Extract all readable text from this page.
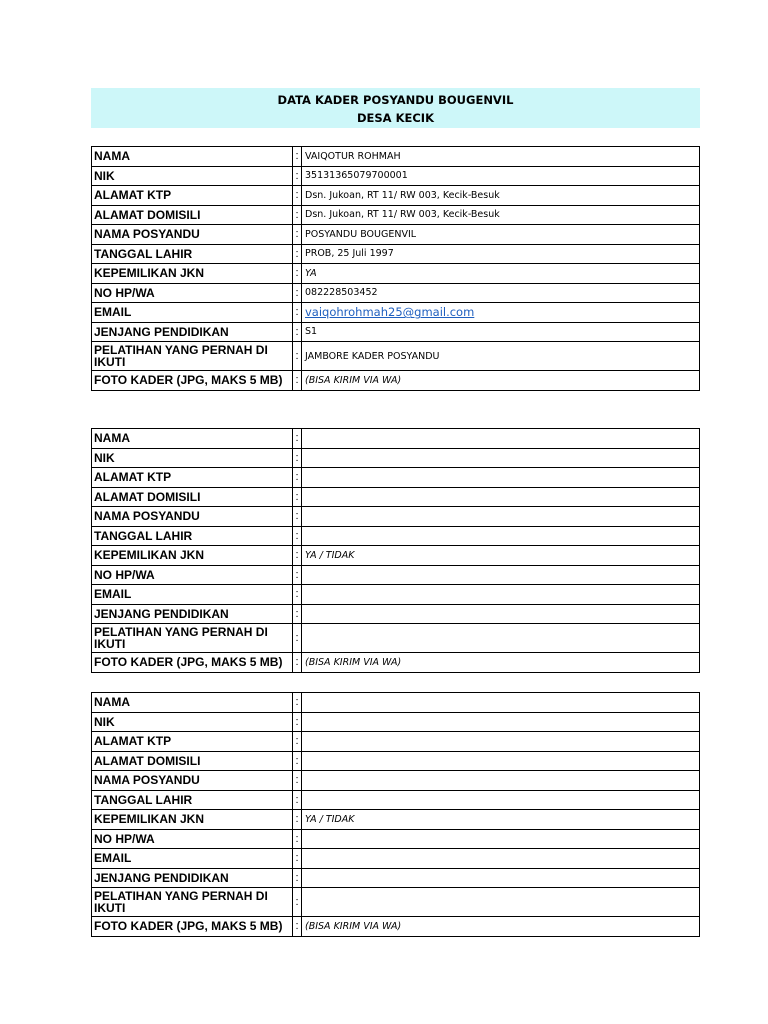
DATA KADER POSYANDU BOUGENVIL
DESA KECIK
NAMA	:	VAIQOTUR ROHMAH
NIK	:	35131365079700001
ALAMAT KTP	:	Dsn. Jukoan, RT 11/ RW 003, Kecik-Besuk
ALAMAT DOMISILI	:	Dsn. Jukoan, RT 11/ RW 003, Kecik-Besuk
NAMA POSYANDU	:	POSYANDU BOUGENVIL
TANGGAL LAHIR	:	PROB, 25 Juli 1997
KEPEMILIKAN JKN	:	YA
NO HP/WA	:	082228503452
EMAIL	:	vaiqohrohmah25@gmail.com
JENJANG PENDIDIKAN	:	S1
PELATIHAN YANG PERNAH DI IKUTI	:	JAMBORE KADER POSYANDU
FOTO KADER (JPG, MAKS 5 MB)	:	(BISA KIRIM VIA WA)
NAMA	:	
NIK	:	
ALAMAT KTP	:	
ALAMAT DOMISILI	:	
NAMA POSYANDU	:	
TANGGAL LAHIR	:	
KEPEMILIKAN JKN	:	YA / TIDAK
NO HP/WA	:	
EMAIL	:	
JENJANG PENDIDIKAN	:	
PELATIHAN YANG PERNAH DI IKUTI	:	
FOTO KADER (JPG, MAKS 5 MB)	:	(BISA KIRIM VIA WA)
NAMA	:	
NIK	:	
ALAMAT KTP	:	
ALAMAT DOMISILI	:	
NAMA POSYANDU	:	
TANGGAL LAHIR	:	
KEPEMILIKAN JKN	:	YA / TIDAK
NO HP/WA	:	
EMAIL	:	
JENJANG PENDIDIKAN	:	
PELATIHAN YANG PERNAH DI IKUTI	:	
FOTO KADER (JPG, MAKS 5 MB)	:	(BISA KIRIM VIA WA)
